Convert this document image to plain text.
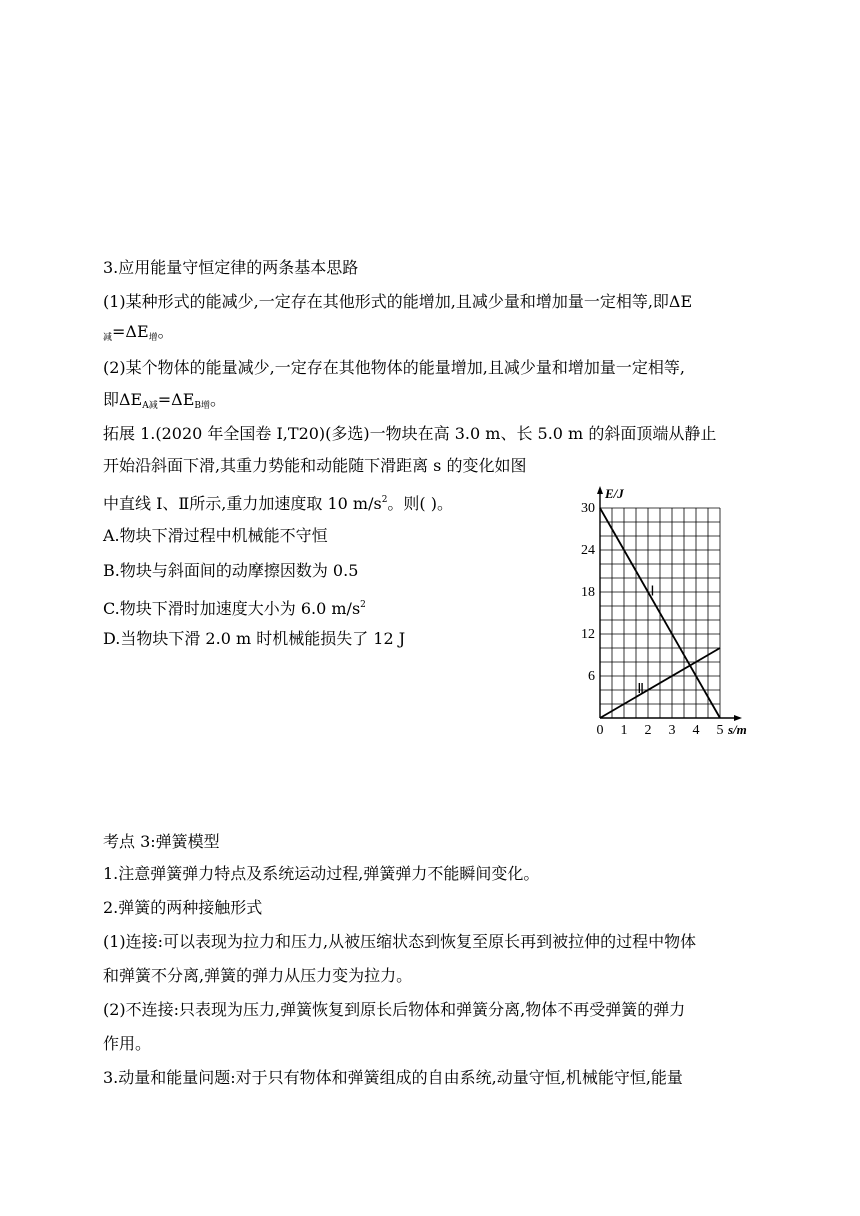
3.应用能量守恒定律的两条基本思路
(1)某种形式的能减少,一定存在其他形式的能增加,且减少量和增加量一定相等,即ΔE
$_减=\Delta E_增$。
(2)某个物体的能量减少,一定存在其他物体的能量增加,且减少量和增加量一定相等,
即$\Delta E_{A减}=\Delta E_{B增}$。
拓展 1.(2020 年全国卷 Ⅰ,T20)(多选)一物块在高 3.0 m、长 5.0 m 的斜面顶端从静止
开始沿斜面下滑,其重力势能和动能随下滑距离 s 的变化如图
中直线 Ⅰ、Ⅱ所示,重力加速度取 10 $m/s^2$。则( )。
A.物块下滑过程中机械能不守恒
B.物块与斜面间的动摩擦因数为 0.5
C.物块下滑时加速度大小为 6.0 $m/s^2$
D.当物块下滑 2.0 m 时机械能损失了 12 J
E/J
s/m
0 1 2 3 4 5
6
12
18
24
30
Ⅰ
Ⅱ
考点 3:弹簧模型
1.注意弹簧弹力特点及系统运动过程,弹簧弹力不能瞬间变化。
2.弹簧的两种接触形式
(1)连接:可以表现为拉力和压力,从被压缩状态到恢复至原长再到被拉伸的过程中物体
和弹簧不分离,弹簧的弹力从压力变为拉力。
(2)不连接:只表现为压力,弹簧恢复到原长后物体和弹簧分离,物体不再受弹簧的弹力
作用。
3.动量和能量问题:对于只有物体和弹簧组成的自由系统,动量守恒,机械能守恒,能量
